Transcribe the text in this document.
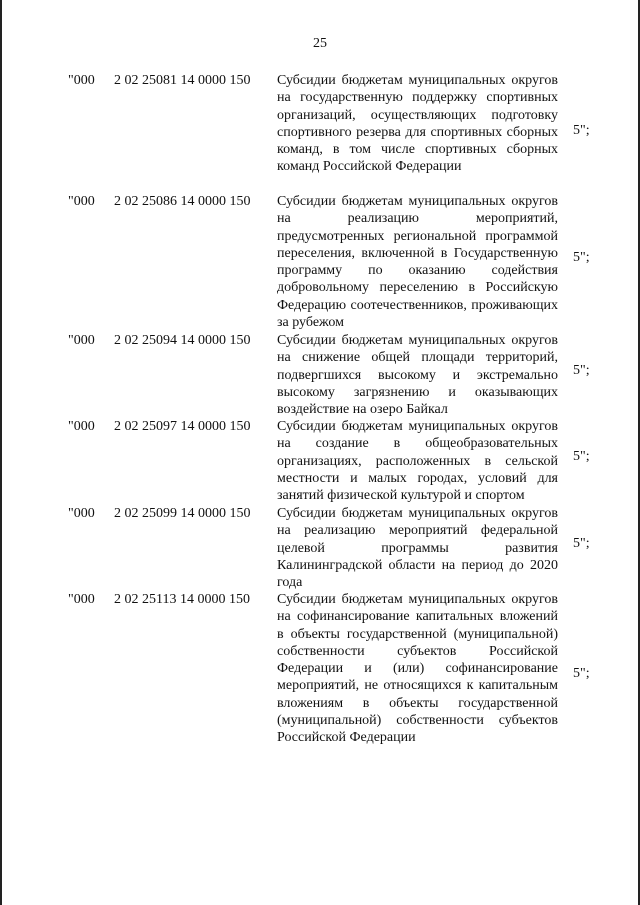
25
"000 2 02 25081 14 0000 150 Субсидии бюджетам муниципальных округов на государственную поддержку спортивных организаций, осуществляющих подготовку спортивного резерва для спортивных сборных команд, в том числе спортивных сборных команд Российской Федерации
5";
"000 2 02 25086 14 0000 150 Субсидии бюджетам муниципальных округов на реализацию мероприятий, предусмотренных региональной программой переселения, включенной в Государственную программу по оказанию содействия добровольному переселению в Российскую Федерацию соотечественников, проживающих за рубежом
5";
"000 2 02 25094 14 0000 150 Субсидии бюджетам муниципальных округов на снижение общей площади территорий, подвергшихся высокому и экстремально высокому загрязнению и оказывающих воздействие на озеро Байкал
5";
"000 2 02 25097 14 0000 150 Субсидии бюджетам муниципальных округов на создание в общеобразовательных организациях, расположенных в сельской местности и малых городах, условий для занятий физической культурой и спортом
5";
"000 2 02 25099 14 0000 150 Субсидии бюджетам муниципальных округов на реализацию мероприятий федеральной целевой программы развития Калининградской области на период до 2020 года
5";
"000 2 02 25113 14 0000 150 Субсидии бюджетам муниципальных округов на софинансирование капитальных вложений в объекты государственной (муниципальной) собственности субъектов Российской Федерации и (или) софинансирование мероприятий, не относящихся к капитальным вложениям в объекты государственной (муниципальной) собственности субъектов Российской Федерации
5";
